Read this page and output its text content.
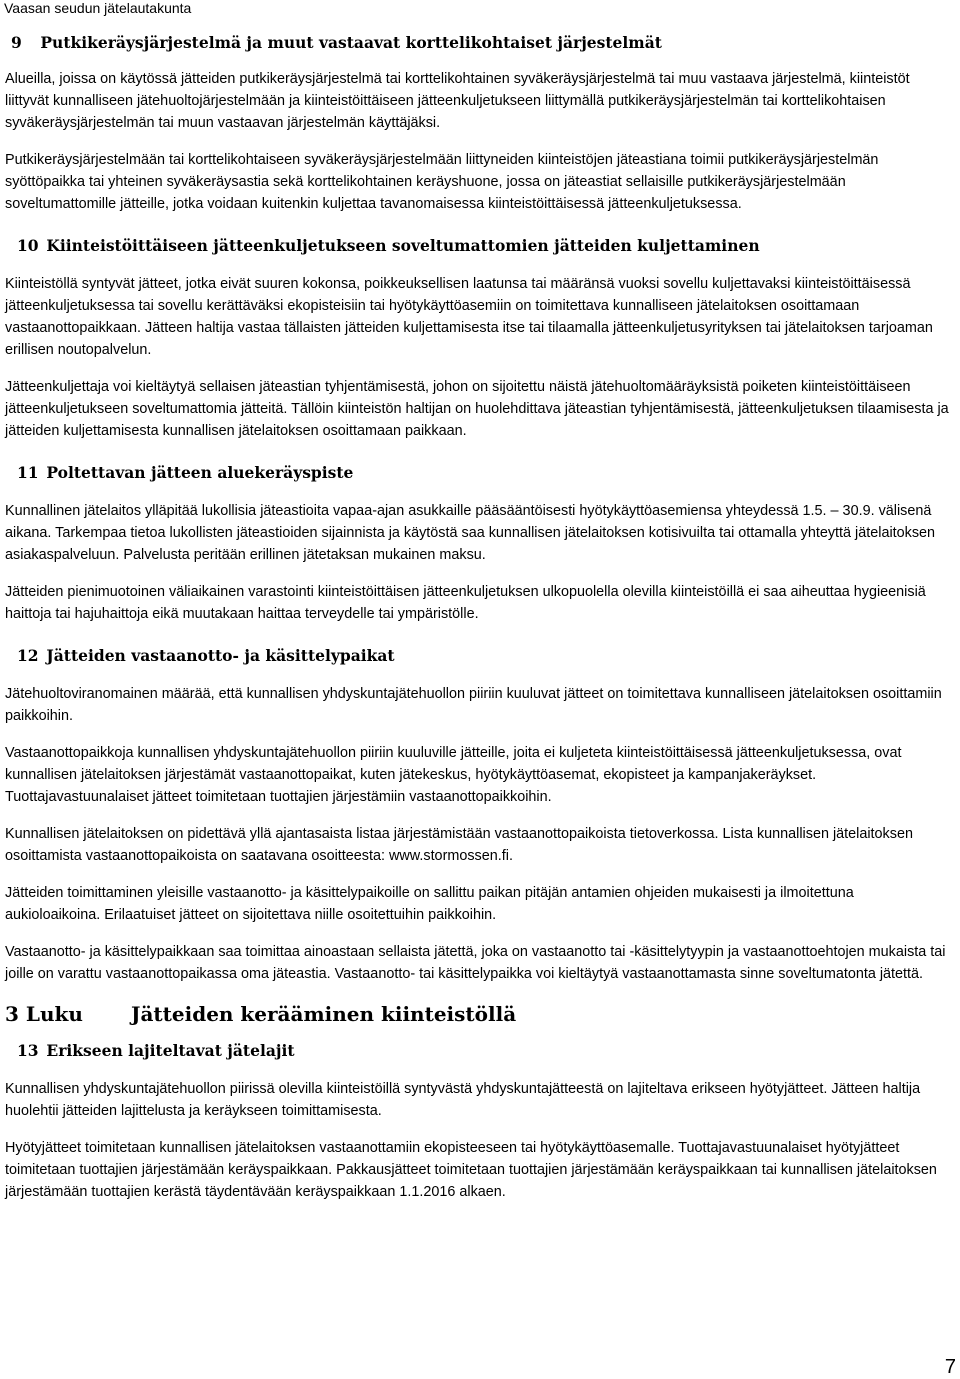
Vaasan seudun jätelautakunta
9 Putkikeräysjärjestelmä ja muut vastaavat korttelikohtaiset järjestelmät

Alueilla, joissa on käytössä jätteiden putkikeräysjärjestelmä tai korttelikohtainen syväkeräysjärjestelmä tai muu vastaava järjestelmä, kiinteistöt liittyvät kunnalliseen jätehuoltojärjestelmään ja kiinteistöittäiseen jätteenkuljetukseen liittymällä putkikeräysjärjestelmän tai korttelikohtaisen syväkeräysjärjestelmän tai muun vastaavan järjestelmän käyttäjäksi.

Putkikeräysjärjestelmään tai korttelikohtaiseen syväkeräysjärjestelmään liittyneiden kiinteistöjen jäteastiana toimii putkikeräysjärjestelmän syöttöpaikka tai yhteinen syväkeräysastia sekä korttelikohtainen keräyshuone, jossa on jäteastiat sellaisille putkikeräysjärjestelmään soveltumattomille jätteille, jotka voidaan kuitenkin kuljettaa tavanomaisessa kiinteistöittäisessä jätteenkuljetuksessa.

10 Kiinteistöittäiseen jätteenkuljetukseen soveltumattomien jätteiden kuljettaminen

Kiinteistöllä syntyvät jätteet, jotka eivät suuren kokonsa, poikkeuksellisen laatunsa tai määränsä vuoksi sovellu kuljettavaksi kiinteistöittäisessä jätteenkuljetuksessa tai sovellu kerättäväksi ekopisteisiin tai hyötykäyttöasemiin on toimitettava kunnalliseen jätelaitoksen osoittamaan vastaanottopaikkaan. Jätteen haltija vastaa tällaisten jätteiden kuljettamisesta itse tai tilaamalla jätteenkuljetusyrityksen tai jätelaitoksen tarjoaman erillisen noutopalvelun.

Jätteenkuljettaja voi kieltäytyä sellaisen jäteastian tyhjentämisestä, johon on sijoitettu näistä jätehuoltomääräyksistä poiketen kiinteistöittäiseen jätteenkuljetukseen soveltumattomia jätteitä. Tällöin kiinteistön haltijan on huolehdittava jäteastian tyhjentämisestä, jätteenkuljetuksen tilaamisesta ja jätteiden kuljettamisesta kunnallisen jätelaitoksen osoittamaan paikkaan.

11 Poltettavan jätteen aluekeräyspiste

Kunnallinen jätelaitos ylläpitää lukollisia jäteastioita vapaa-ajan asukkaille pääsääntöisesti hyötykäyttöasemiensa yhteydessä 1.5. – 30.9. välisenä aikana. Tarkempaa tietoa lukollisten jäteastioiden sijainnista ja käytöstä saa kunnallisen jätelaitoksen kotisivuilta tai ottamalla yhteyttä jätelaitoksen asiakaspalveluun. Palvelusta peritään erillinen jätetaksan mukainen maksu.

Jätteiden pienimuotoinen väliaikainen varastointi kiinteistöittäisen jätteenkuljetuksen ulkopuolella olevilla kiinteistöillä ei saa aiheuttaa hygieenisiä haittoja tai hajuhaittoja eikä muutakaan haittaa terveydelle tai ympäristölle.

12 Jätteiden vastaanotto- ja käsittelypaikat

Jätehuoltoviranomainen määrää, että kunnallisen yhdyskuntajätehuollon piiriin kuuluvat jätteet on toimitettava kunnalliseen jätelaitoksen osoittamiin paikkoihin.

Vastaanottopaikkoja kunnallisen yhdyskuntajätehuollon piiriin kuuluville jätteille, joita ei kuljeteta kiinteistöittäisessä jätteenkuljetuksessa, ovat kunnallisen jätelaitoksen järjestämät vastaanottopaikat, kuten jätekeskus, hyötykäyttöasemat, ekopisteet ja kampanjakeräykset. Tuottajavastuunalaiset jätteet toimitetaan tuottajien järjestämiin vastaanottopaikkoihin.

Kunnallisen jätelaitoksen on pidettävä yllä ajantasaista listaa järjestämistään vastaanottopaikoista tietoverkossa. Lista kunnallisen jätelaitoksen osoittamista vastaanottopaikoista on saatavana osoitteesta: www.stormossen.fi.

Jätteiden toimittaminen yleisille vastaanotto- ja käsittelypaikoille on sallittu paikan pitäjän antamien ohjeiden mukaisesti ja ilmoitettuna aukioloaikoina. Erilaatuiset jätteet on sijoitettava niille osoitettuihin paikkoihin.

Vastaanotto- ja käsittelypaikkaan saa toimittaa ainoastaan sellaista jätettä, joka on vastaanotto tai -käsittelytyypin ja vastaanottoehtojen mukaista tai joille on varattu vastaanottopaikassa oma jäteastia. Vastaanotto- tai käsittelypaikka voi kieltäytyä vastaanottamasta sinne soveltumatonta jätettä.

3 Luku	Jätteiden kerääminen kiinteistöllä
13 Erikseen lajiteltavat jätelajit

Kunnallisen yhdyskuntajätehuollon piirissä olevilla kiinteistöillä syntyvästä yhdyskuntajätteestä on lajiteltava erikseen hyötyjätteet. Jätteen haltija huolehtii jätteiden lajittelusta ja keräykseen toimittamisesta.

Hyötyjätteet toimitetaan kunnallisen jätelaitoksen vastaanottamiin ekopisteeseen tai hyötykäyttöasemalle. Tuottajavastuunalaiset hyötyjätteet toimitetaan tuottajien järjestämään keräyspaikkaan. Pakkausjätteet toimitetaan tuottajien järjestämään keräyspaikkaan tai kunnallisen jätelaitoksen järjestämään tuottajien kerästä täydentävään keräyspaikkaan 1.1.2016 alkaen.

7
